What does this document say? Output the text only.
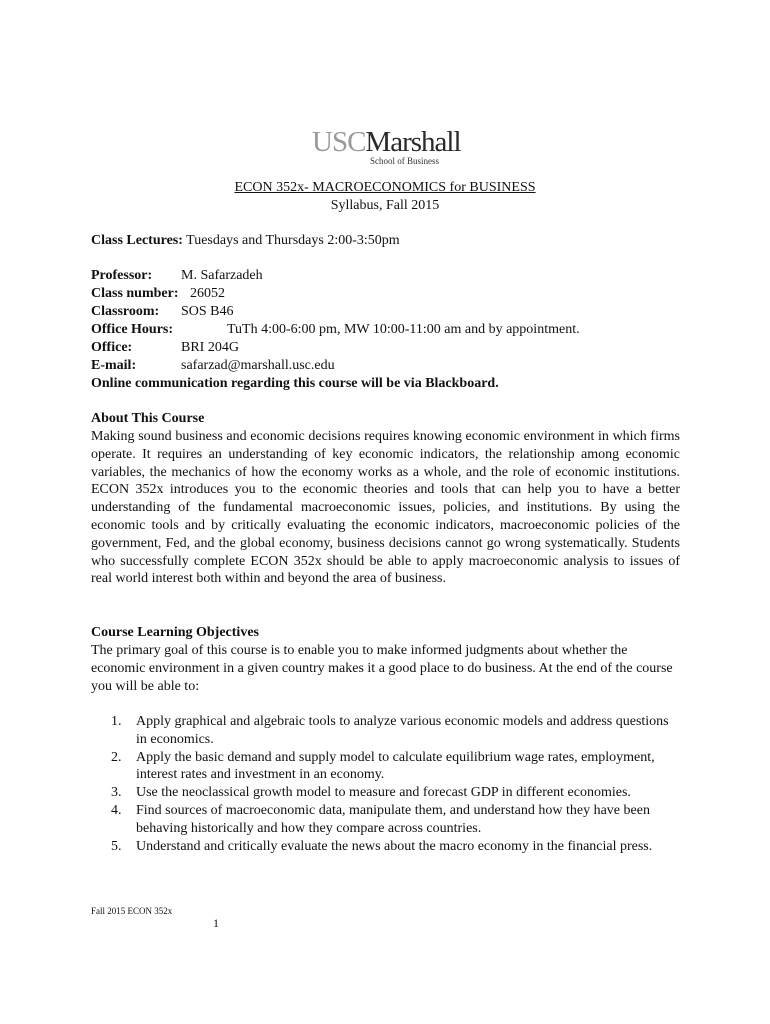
USCMarshall
School of Business
ECON 352x- MACROECONOMICS for BUSINESS
Syllabus, Fall 2015
Class Lectures: Tuesdays and Thursdays 2:00-3:50pm
Professor: M. Safarzadeh
Class number: 26052
Classroom: SOS B46
Office Hours:	TuTh 4:00-6:00 pm, MW 10:00-11:00 am and by appointment.
Office:	BRI 204G
E-mail:	safarzad@marshall.usc.edu
Online communication regarding this course will be via Blackboard.
About This Course
Making sound business and economic decisions requires knowing economic environment in which firms operate. It requires an understanding of key economic indicators, the relationship among economic variables, the mechanics of how the economy works as a whole, and the role of economic institutions. ECON 352x introduces you to the economic theories and tools that can help you to have a better understanding of the fundamental macroeconomic issues, policies, and institutions. By using the economic tools and by critically evaluating the economic indicators, macroeconomic policies of the government, Fed, and the global economy, business decisions cannot go wrong systematically. Students who successfully complete ECON 352x should be able to apply macroeconomic analysis to issues of real world interest both within and beyond the area of business.
Course Learning Objectives
The primary goal of this course is to enable you to make informed judgments about whether the economic environment in a given country makes it a good place to do business. At the end of the course you will be able to:
1. Apply graphical and algebraic tools to analyze various economic models and address questions in economics.
2. Apply the basic demand and supply model to calculate equilibrium wage rates, employment, interest rates and investment in an economy.
3. Use the neoclassical growth model to measure and forecast GDP in different economies.
4. Find sources of macroeconomic data, manipulate them, and understand how they have been behaving historically and how they compare across countries.
5. Understand and critically evaluate the news about the macro economy in the financial press.
Fall 2015 ECON 352x
1
